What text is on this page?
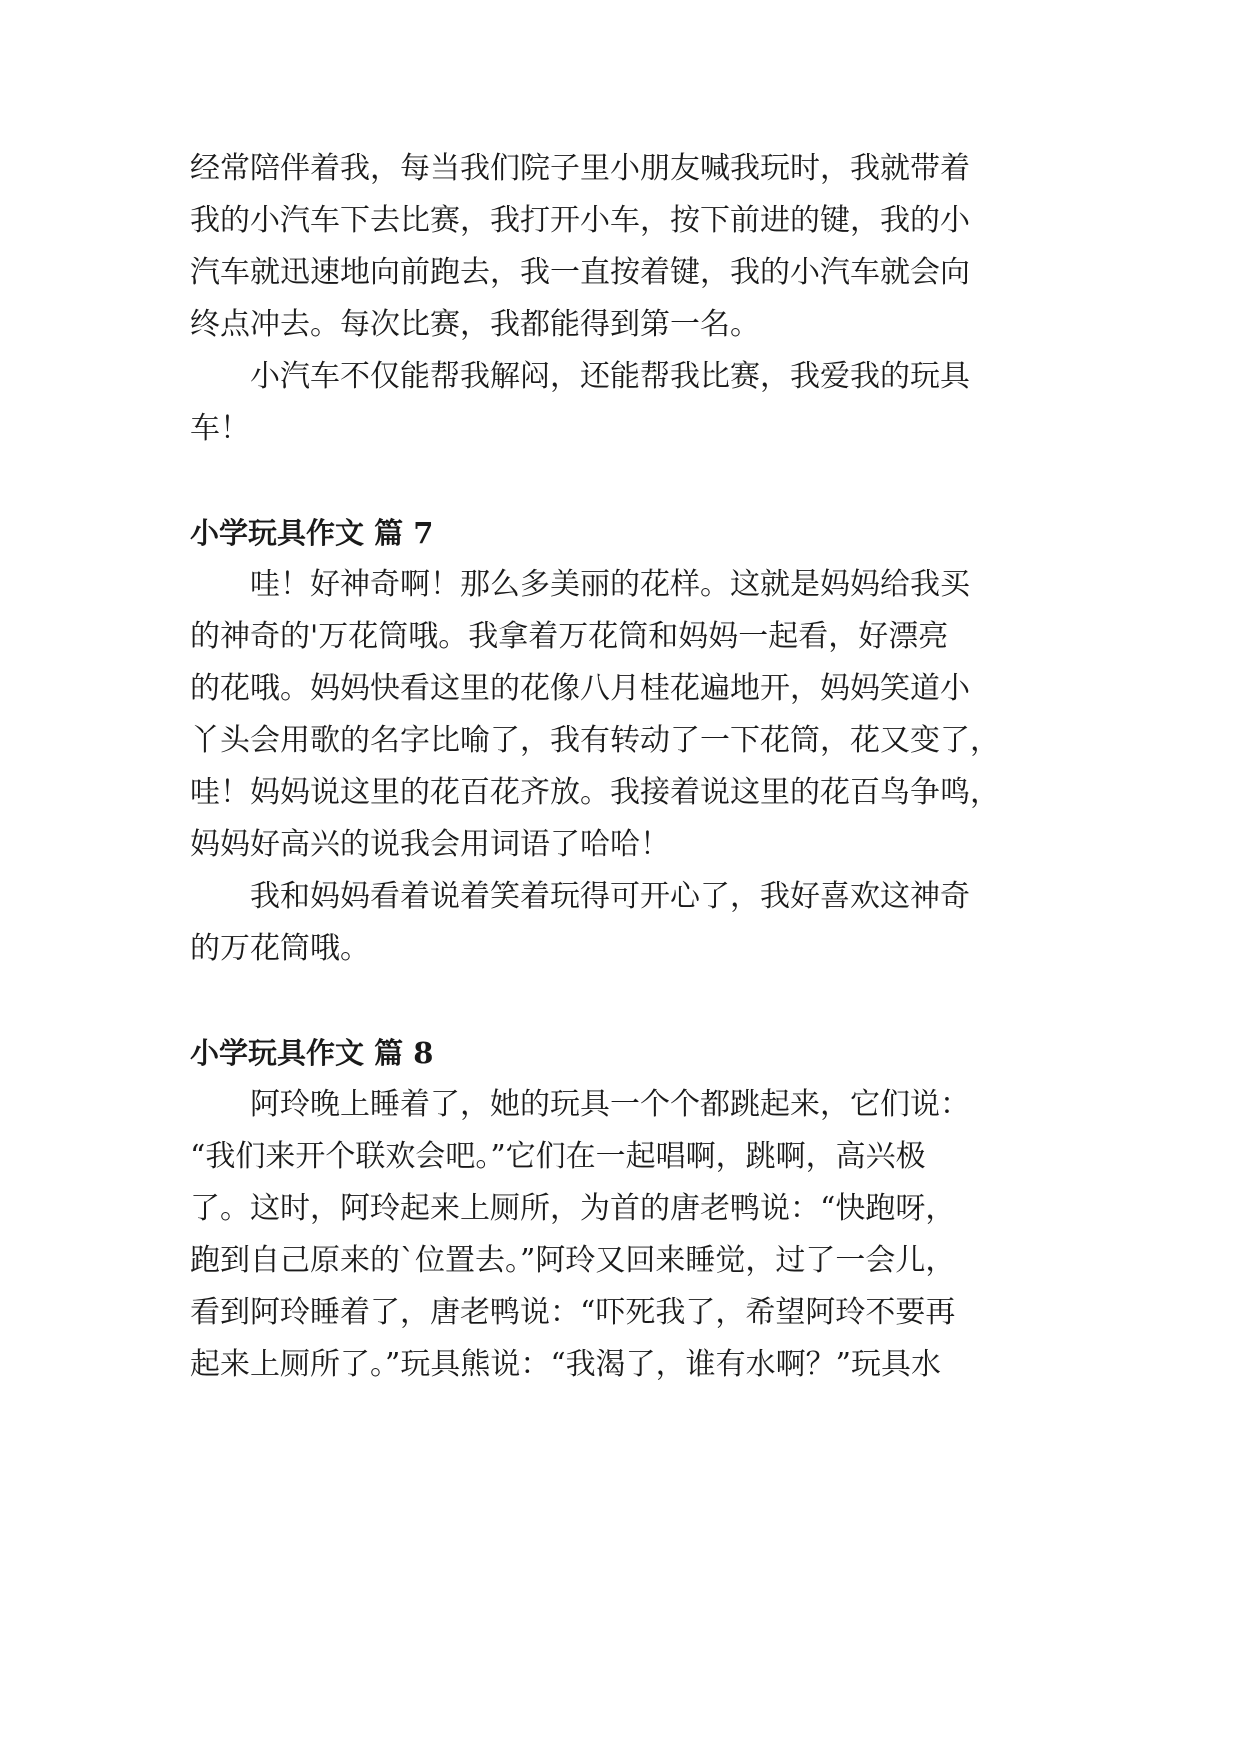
经常陪伴着我，每当我们院子里小朋友喊我玩时，我就带着

我的小汽车下去比赛，我打开小车，按下前进的键，我的小

汽车就迅速地向前跑去，我一直按着键，我的小汽车就会向

终点冲去。每次比赛，我都能得到第一名。

　　小汽车不仅能帮我解闷，还能帮我比赛，我爱我的玩具

车！

小学玩具作文 篇 7

　　哇！好神奇啊！那么多美丽的花样。这就是妈妈给我买

的神奇的'万花筒哦。我拿着万花筒和妈妈一起看，好漂亮

的花哦。妈妈快看这里的花像八月桂花遍地开，妈妈笑道小

丫头会用歌的名字比喻了，我有转动了一下花筒，花又变了，

哇！妈妈说这里的花百花齐放。我接着说这里的花百鸟争鸣，

妈妈好高兴的说我会用词语了哈哈！

　　我和妈妈看着说着笑着玩得可开心了，我好喜欢这神奇

的万花筒哦。

小学玩具作文 篇 8

　　阿玲晚上睡着了，她的玩具一个个都跳起来，它们说：

“我们来开个联欢会吧。”它们在一起唱啊，跳啊，高兴极

了。这时，阿玲起来上厕所，为首的唐老鸭说：“快跑呀，

跑到自己原来的`位置去。”阿玲又回来睡觉，过了一会儿，

看到阿玲睡着了，唐老鸭说：“吓死我了，希望阿玲不要再

起来上厕所了。”玩具熊说：“我渴了，谁有水啊？”玩具水
